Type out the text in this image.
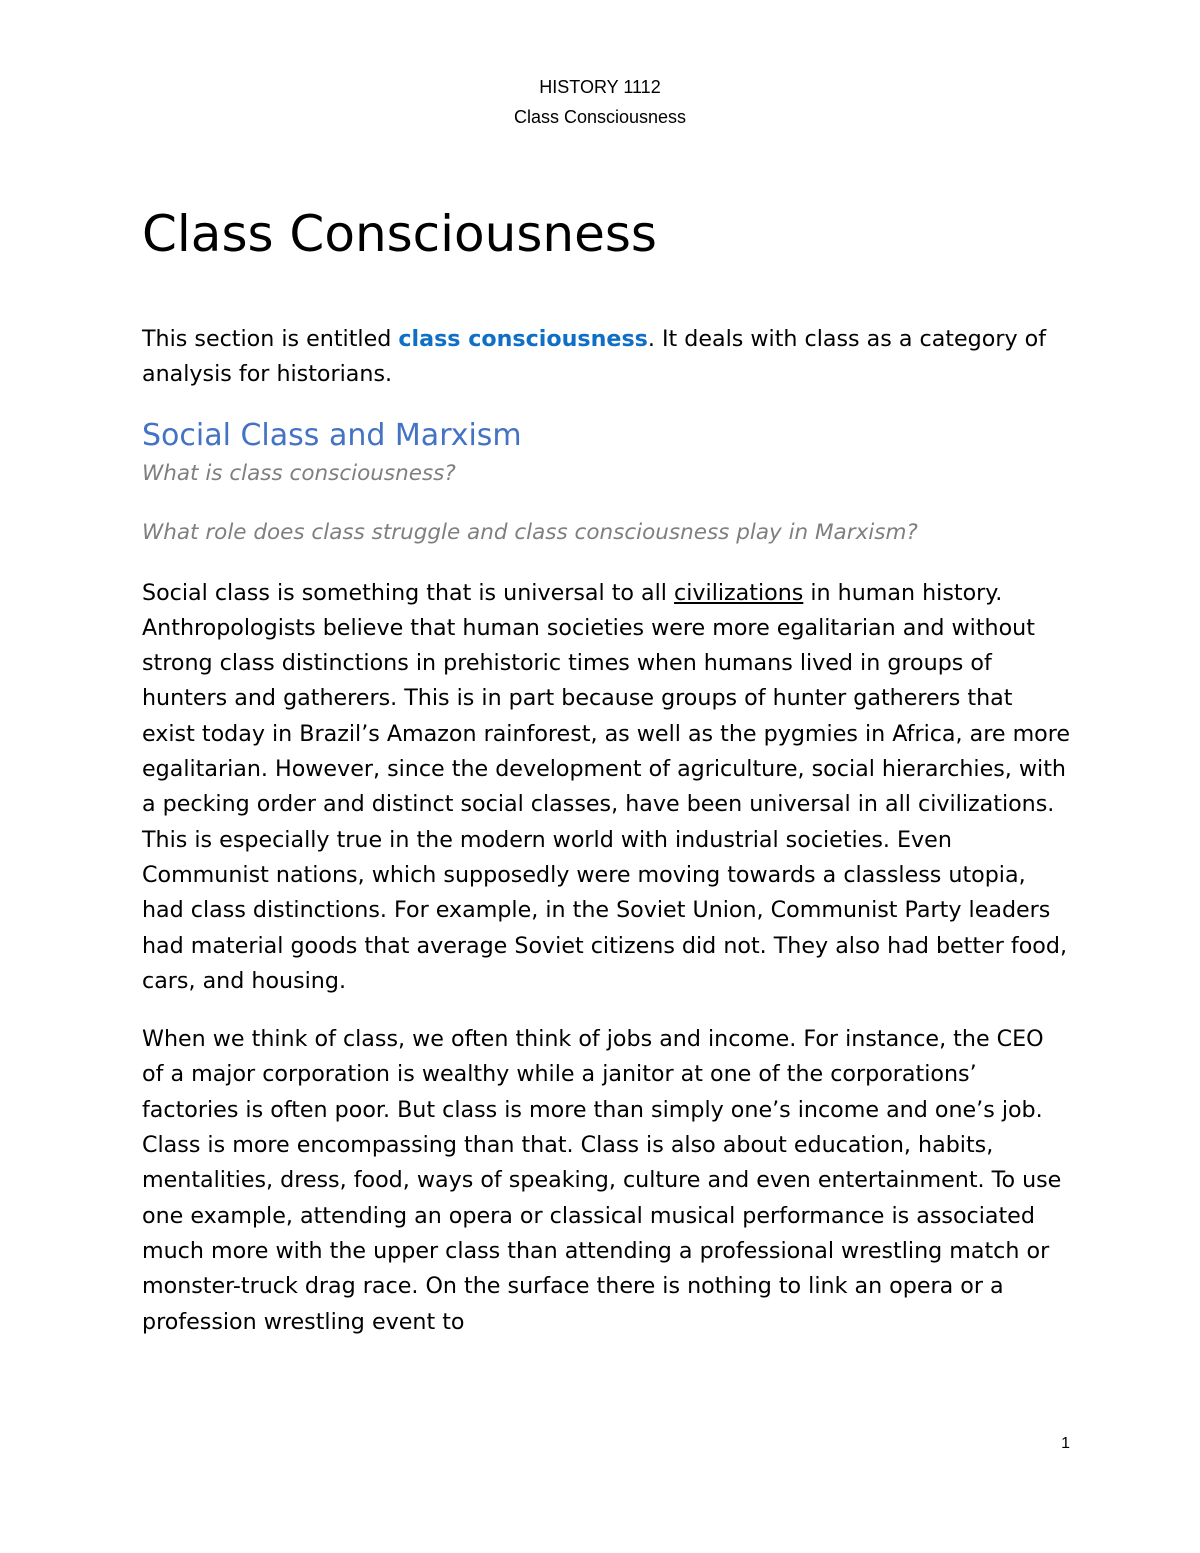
HISTORY 1112
Class Consciousness
Class Consciousness

This section is entitled class consciousness. It deals with class as a category of analysis for historians.

Social Class and Marxism

What is class consciousness?

What role does class struggle and class consciousness play in Marxism?

Social class is something that is universal to all civilizations in human history. Anthropologists believe that human societies were more egalitarian and without strong class distinctions in prehistoric times when humans lived in groups of hunters and gatherers. This is in part because groups of hunter gatherers that exist today in Brazil’s Amazon rainforest, as well as the pygmies in Africa, are more egalitarian. However, since the development of agriculture, social hierarchies, with a pecking order and distinct social classes, have been universal in all civilizations. This is especially true in the modern world with industrial societies. Even Communist nations, which supposedly were moving towards a classless utopia, had class distinctions. For example, in the Soviet Union, Communist Party leaders had material goods that average Soviet citizens did not. They also had better food, cars, and housing.

When we think of class, we often think of jobs and income. For instance, the CEO of a major corporation is wealthy while a janitor at one of the corporations’ factories is often poor. But class is more than simply one’s income and one’s job. Class is more encompassing than that. Class is also about education, habits, mentalities, dress, food, ways of speaking, culture and even entertainment. To use one example, attending an opera or classical musical performance is associated much more with the upper class than attending a professional wrestling match or monster-truck drag race. On the surface there is nothing to link an opera or a profession wrestling event to

1
